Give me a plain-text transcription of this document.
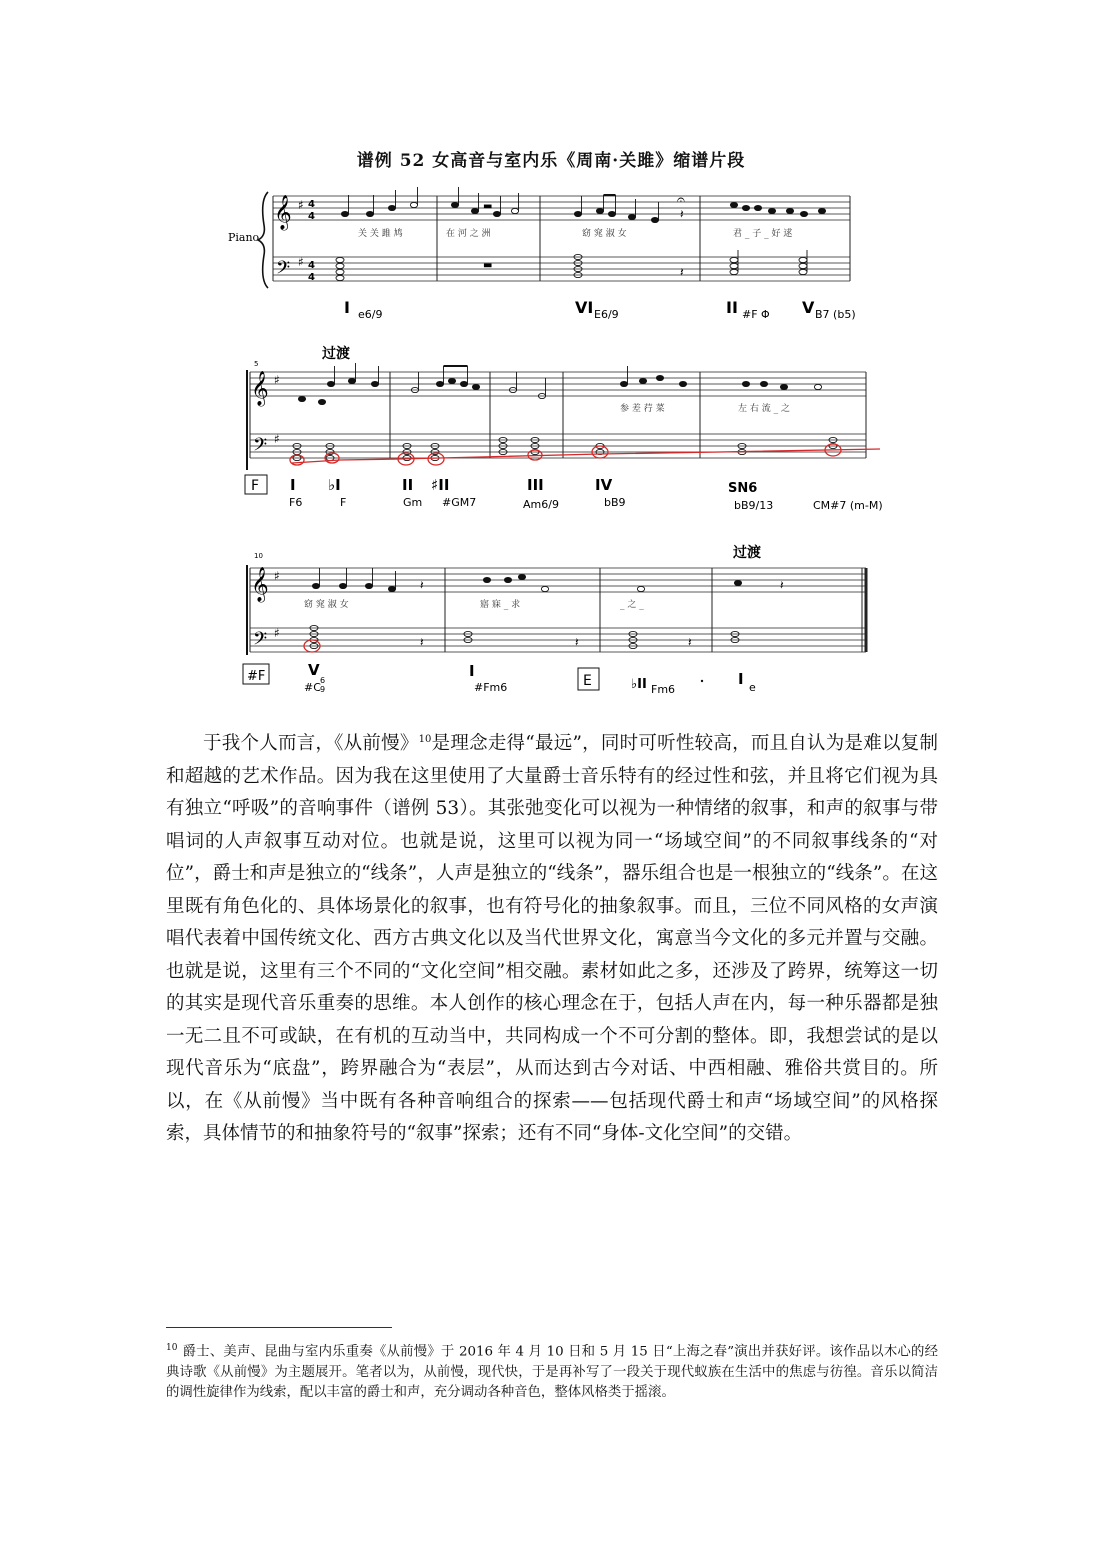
谱例 52 女高音与室内乐《周南·关雎》缩谱片段
Piano
𝄞
𝄢
♯
♯
4
4
4
4
𝄐
▬
▬
𝄽
𝄽
关 关 雎 鸠	在 河 之 洲	窈 窕 淑 女	君 _ 子 _ 好 逑
I e6/9	VI E6/9	II #F Φ V B7 (b5)
过渡
5
𝄞
𝄢
♯
♯
参 差 荇 菜	左 右 流 _ 之
F I
F6
♭I
F
II
Gm
♯II
#GM7
III
Am6/9
IV
bB9
SN6
bB9/13	CM#7 (m-M)
过渡
10
𝄞
𝄢
♯
♯
𝄽
𝄽	𝄽	𝄽
𝄽
窈 窕 淑 女	寤 寐 _ 求	_ 之 _
#F	E
V
#C
6
9
I
#Fm6	♭II Fm6
I e

于我个人而言，《从前慢》$^{10}$是理念走得“最远”，同时可听性较高，而且自认为是难以复制和超越的艺术作品。因为我在这里使用了大量爵士音乐特有的经过性和弦，并且将它们视为具有独立“呼吸”的音响事件（谱例 53）。其张弛变化可以视为一种情绪的叙事，和声的叙事与带唱词的人声叙事互动对位。也就是说，这里可以视为同一“场域空间”的不同叙事线条的“对位”，爵士和声是独立的“线条”，人声是独立的“线条”，器乐组合也是一根独立的“线条”。在这里既有角色化的、具体场景化的叙事，也有符号化的抽象叙事。而且，三位不同风格的女声演唱代表着中国传统文化、西方古典文化以及当代世界文化，寓意当今文化的多元并置与交融。也就是说，这里有三个不同的“文化空间”相交融。素材如此之多，还涉及了跨界，统筹这一切的其实是现代音乐重奏的思维。本人创作的核心理念在于，包括人声在内，每一种乐器都是独一无二且不可或缺，在有机的互动当中，共同构成一个不可分割的整体。即，我想尝试的是以现代音乐为“底盘”，跨界融合为“表层”，从而达到古今对话、中西相融、雅俗共赏目的。所以，在《从前慢》当中既有各种音响组合的探索——包括现代爵士和声“场域空间”的风格探索，具体情节的和抽象符号的“叙事”探索；还有不同“身体-文化空间”的交错。

$^{10}$ 爵士、美声、昆曲与室内乐重奏《从前慢》于 2016 年 4 月 10 日和 5 月 15 日“上海之春”演出并获好评。该作品以木心的经典诗歌《从前慢》为主题展开。笔者以为，从前慢，现代快，于是再补写了一段关于现代蚁族在生活中的焦虑与彷徨。音乐以简洁的调性旋律作为线索，配以丰富的爵士和声，充分调动各种音色，整体风格类于摇滚。
